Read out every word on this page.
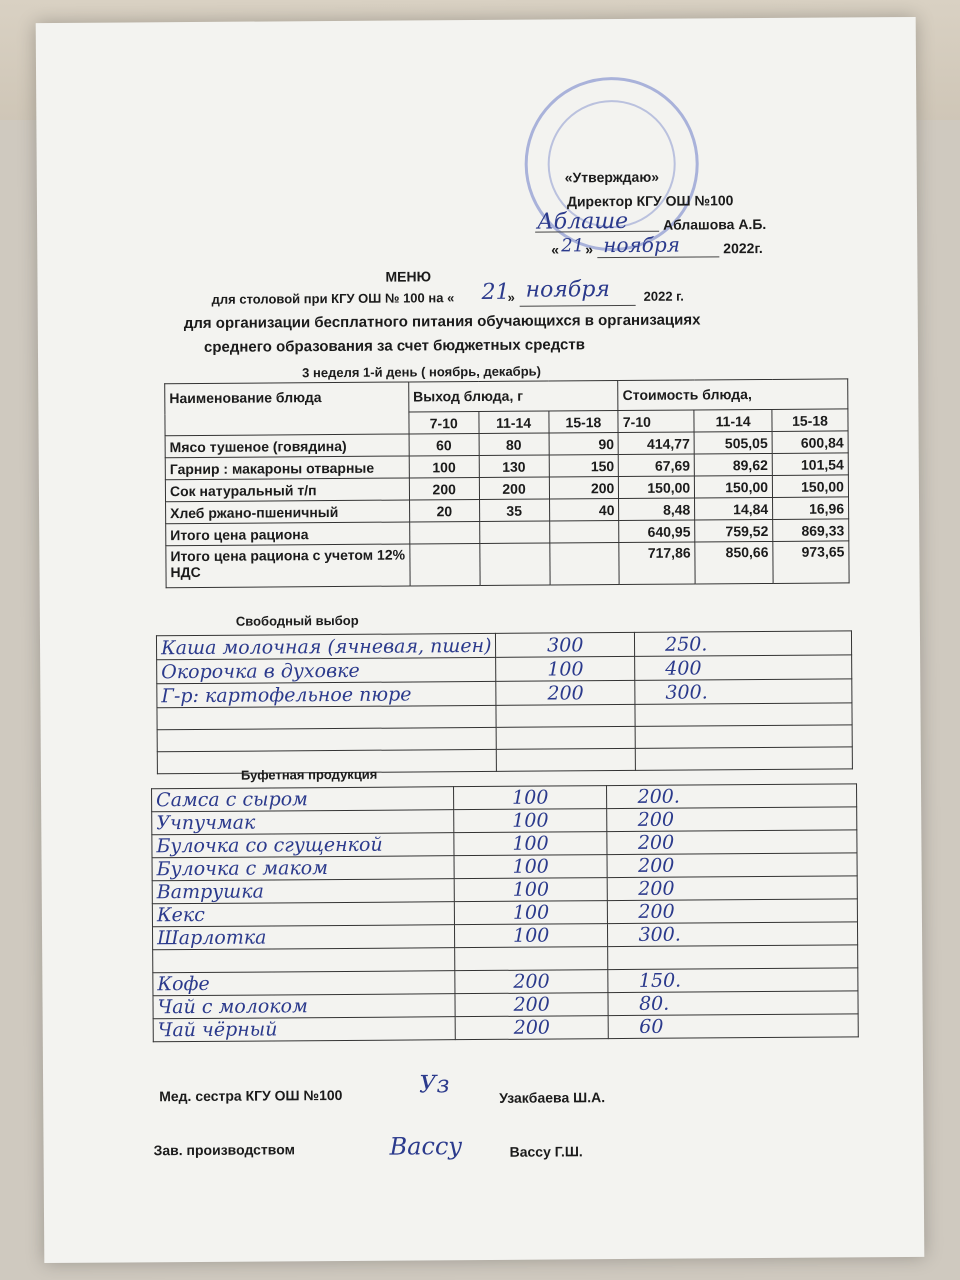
«Утверждаю»
Директор КГУ ОШ №100
Аблаше Аблашова А.Б.
« 21 » ноября	2022г.
МЕНЮ
для столовой при КГУ ОШ № 100 на « 21
» ноября	2022 г.
для организации бесплатного питания обучающихся в организациях
среднего образования за счет бюджетных средств
3 неделя 1-й день ( ноябрь, декабрь)
Наименование блюда	Выход блюда, г			Стоимость блюда,		
	7-10	11-14	15-18	7-10	11-14	15-18
Мясо тушеное (говядина)	60	80	90	414,77	505,05	600,84
Гарнир : макароны отварные	100	130	150	67,69	89,62	101,54
Сок натуральный т/п	200	200	200	150,00	150,00	150,00
Хлеб ржано-пшеничный	20	35	40	8,48	14,84	16,96
Итого цена рациона				640,95	759,52	869,33
Итого цена рациона с учетом 12% НДС				717,86	850,66	973,65
Свободный выбор
Каша молочная (ячневая, пшен)	300	250.
Окорочка в духовке	100	400
Г-р: картофельное пюре	200	300.

Буфетная продукция
Самса с сыром	100	200.
Учпучмак	100	200
Булочка со сгущенкой	100	200
Булочка с маком	100	200
Ватрушка	100	200
Кекс	100	200
Шарлотка	100	300.

Кофе	200	150.
Чай с молоком	200	80.
Чай чёрный	200	60
Мед. сестра КГУ ОШ №100	Уз	Узакбаева Ш.А.
Зав. производством	Вассу	Вассу Г.Ш.
